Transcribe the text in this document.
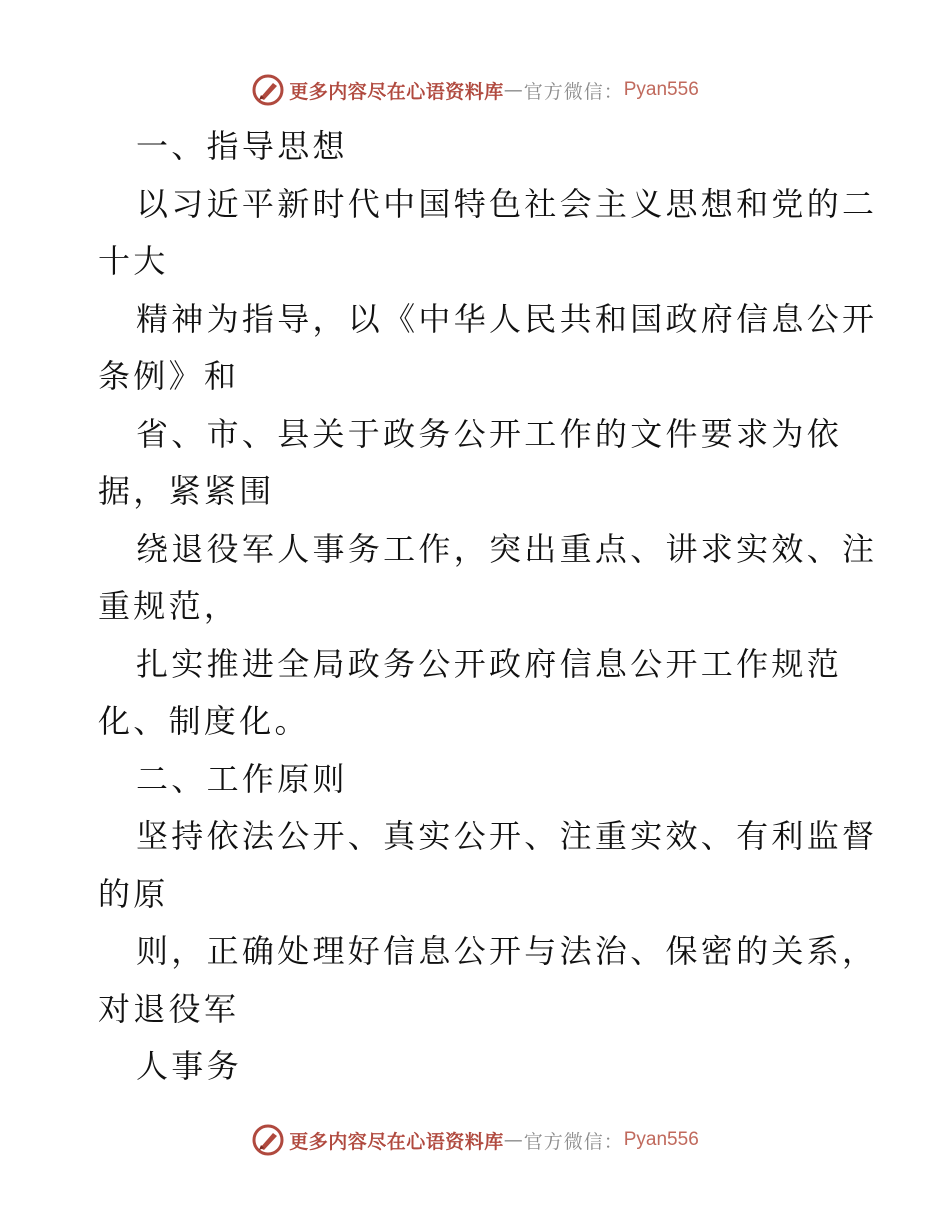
更多内容尽在心语资料库 — 官方微信： Pyan556
一、指导思想
以习近平新时代中国特色社会主义思想和党的二
十大
精神为指导，以《中华人民共和国政府信息公开
条例》和
省、市、县关于政务公开工作的文件要求为依
据，紧紧围
绕退役军人事务工作，突出重点、讲求实效、注
重规范，
扎实推进全局政务公开政府信息公开工作规范
化、制度化。
二、工作原则
坚持依法公开、真实公开、注重实效、有利监督
的原
则，正确处理好信息公开与法治、保密的关系，
对退役军
人事务
更多内容尽在心语资料库 — 官方微信： Pyan556
